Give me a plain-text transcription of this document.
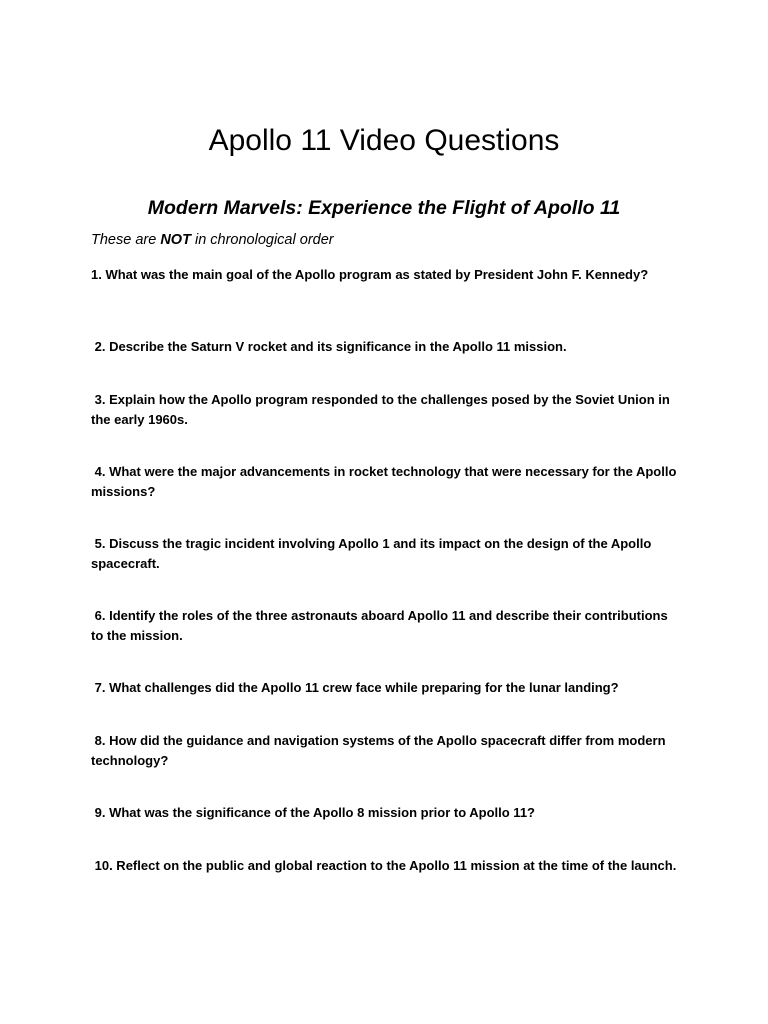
Apollo 11 Video Questions
Modern Marvels: Experience the Flight of Apollo 11

These are NOT in chronological order

1. What was the main goal of the Apollo program as stated by President John F. Kennedy?
2. Describe the Saturn V rocket and its significance in the Apollo 11 mission.
3. Explain how the Apollo program responded to the challenges posed by the Soviet Union in the early 1960s.
4. What were the major advancements in rocket technology that were necessary for the Apollo missions?
5. Discuss the tragic incident involving Apollo 1 and its impact on the design of the Apollo spacecraft.
6. Identify the roles of the three astronauts aboard Apollo 11 and describe their contributions to the mission.
7. What challenges did the Apollo 11 crew face while preparing for the lunar landing?
8. How did the guidance and navigation systems of the Apollo spacecraft differ from modern technology?
9. What was the significance of the Apollo 8 mission prior to Apollo 11?
10. Reflect on the public and global reaction to the Apollo 11 mission at the time of the launch.
